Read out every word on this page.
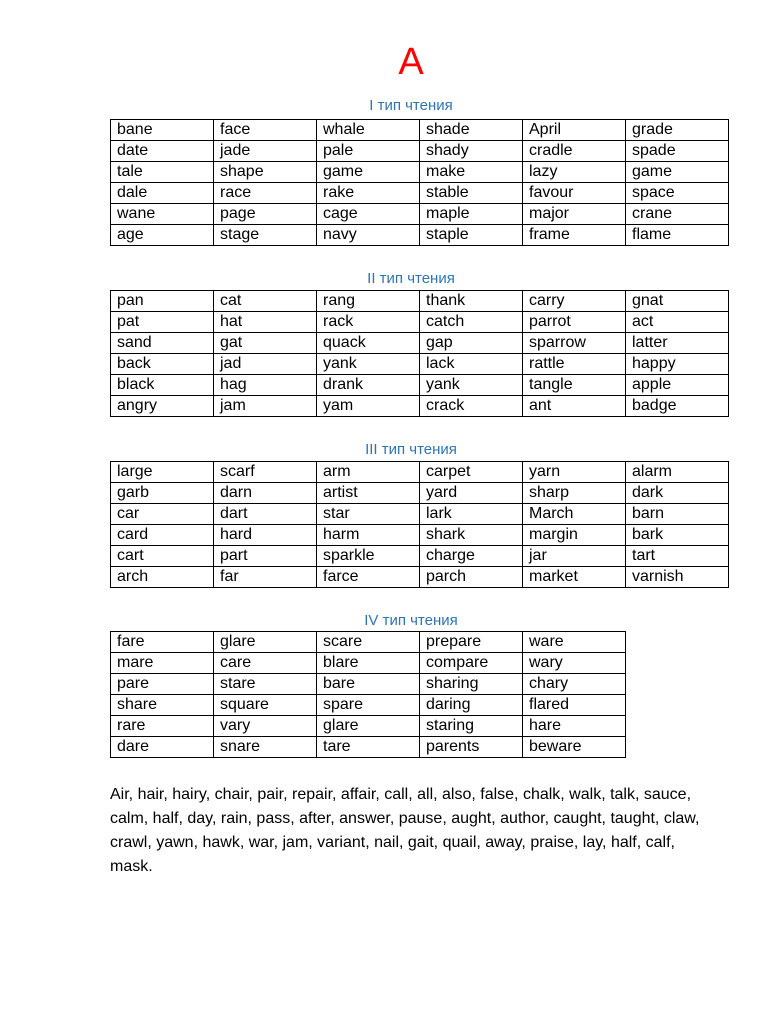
A
I тип чтения
bane	face	whale	shade	April	grade
date	jade	pale	shady	cradle	spade
tale	shape	game	make	lazy	game
dale	race	rake	stable	favour	space
wane	page	cage	maple	major	crane
age	stage	navy	staple	frame	flame
II тип чтения
pan	cat	rang	thank	carry	gnat
pat	hat	rack	catch	parrot	act
sand	gat	quack	gap	sparrow	latter
back	jad	yank	lack	rattle	happy
black	hag	drank	yank	tangle	apple
angry	jam	yam	crack	ant	badge
III тип чтения
large	scarf	arm	carpet	yarn	alarm
garb	darn	artist	yard	sharp	dark
car	dart	star	lark	March	barn
card	hard	harm	shark	margin	bark
cart	part	sparkle	charge	jar	tart
arch	far	farce	parch	market	varnish
IV тип чтения
fare	glare	scare	prepare	ware
mare	care	blare	compare	wary
pare	stare	bare	sharing	chary
share	square	spare	daring	flared
rare	vary	glare	staring	hare
dare	snare	tare	parents	beware
Air, hair, hairy, chair, pair, repair, affair, call, all, also, false, chalk, walk, talk, sauce, calm, half, day, rain, pass, after, answer, pause, aught, author, caught, taught, claw, crawl, yawn, hawk, war, jam, variant, nail, gait, quail, away, praise, lay, half, calf, mask.
